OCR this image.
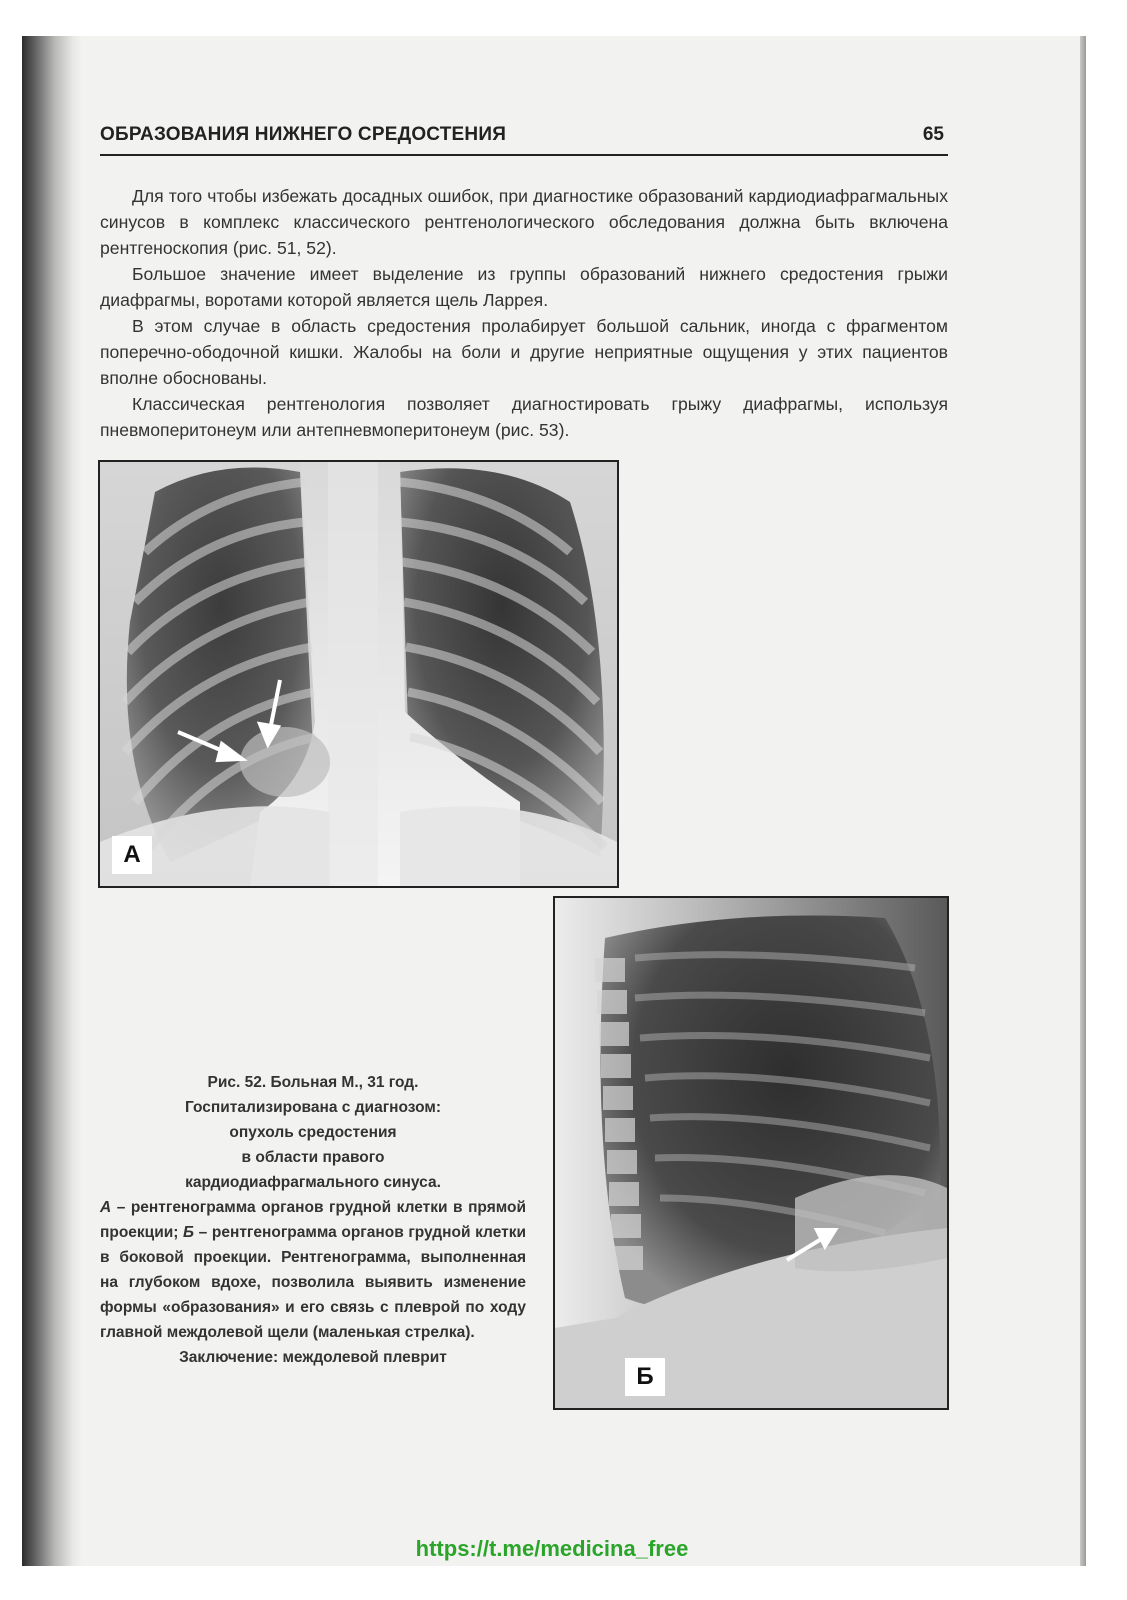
ОБРАЗОВАНИЯ НИЖНЕГО СРЕДОСТЕНИЯ	65

Для того чтобы избежать досадных ошибок, при диагностике образований кардиодиафрагмальных синусов в комплекс классического рентгенологического обследования должна быть включена рентгеноскопия (рис. 51, 52).

Большое значение имеет выделение из группы образований нижнего средостения грыжи диафрагмы, воротами которой является щель Ларрея.

В этом случае в область средостения пролабирует большой сальник, иногда с фрагментом поперечно-ободочной кишки. Жалобы на боли и другие неприятные ощущения у этих пациентов вполне обоснованы.

Классическая рентгенология позволяет диагностировать грыжу диафрагмы, используя пневмоперитонеум или антепневмоперитонеум (рис. 53).

А
Б
Рис. 52. Больная М., 31 год.
Госпитализирована с диагнозом:
опухоль средостения
в области правого
кардиодиафрагмального синуса.
А – рентгенограмма органов грудной клетки в прямой проекции; Б – рентгенограмма органов грудной клетки в боковой проекции. Рентгенограмма, выполненная на глубоком вдохе, позволила выявить изменение формы «образования» и его связь с плеврой по ходу главной междолевой щели (маленькая стрелка).
Заключение: междолевой плеврит
https://t.me/medicina_free
